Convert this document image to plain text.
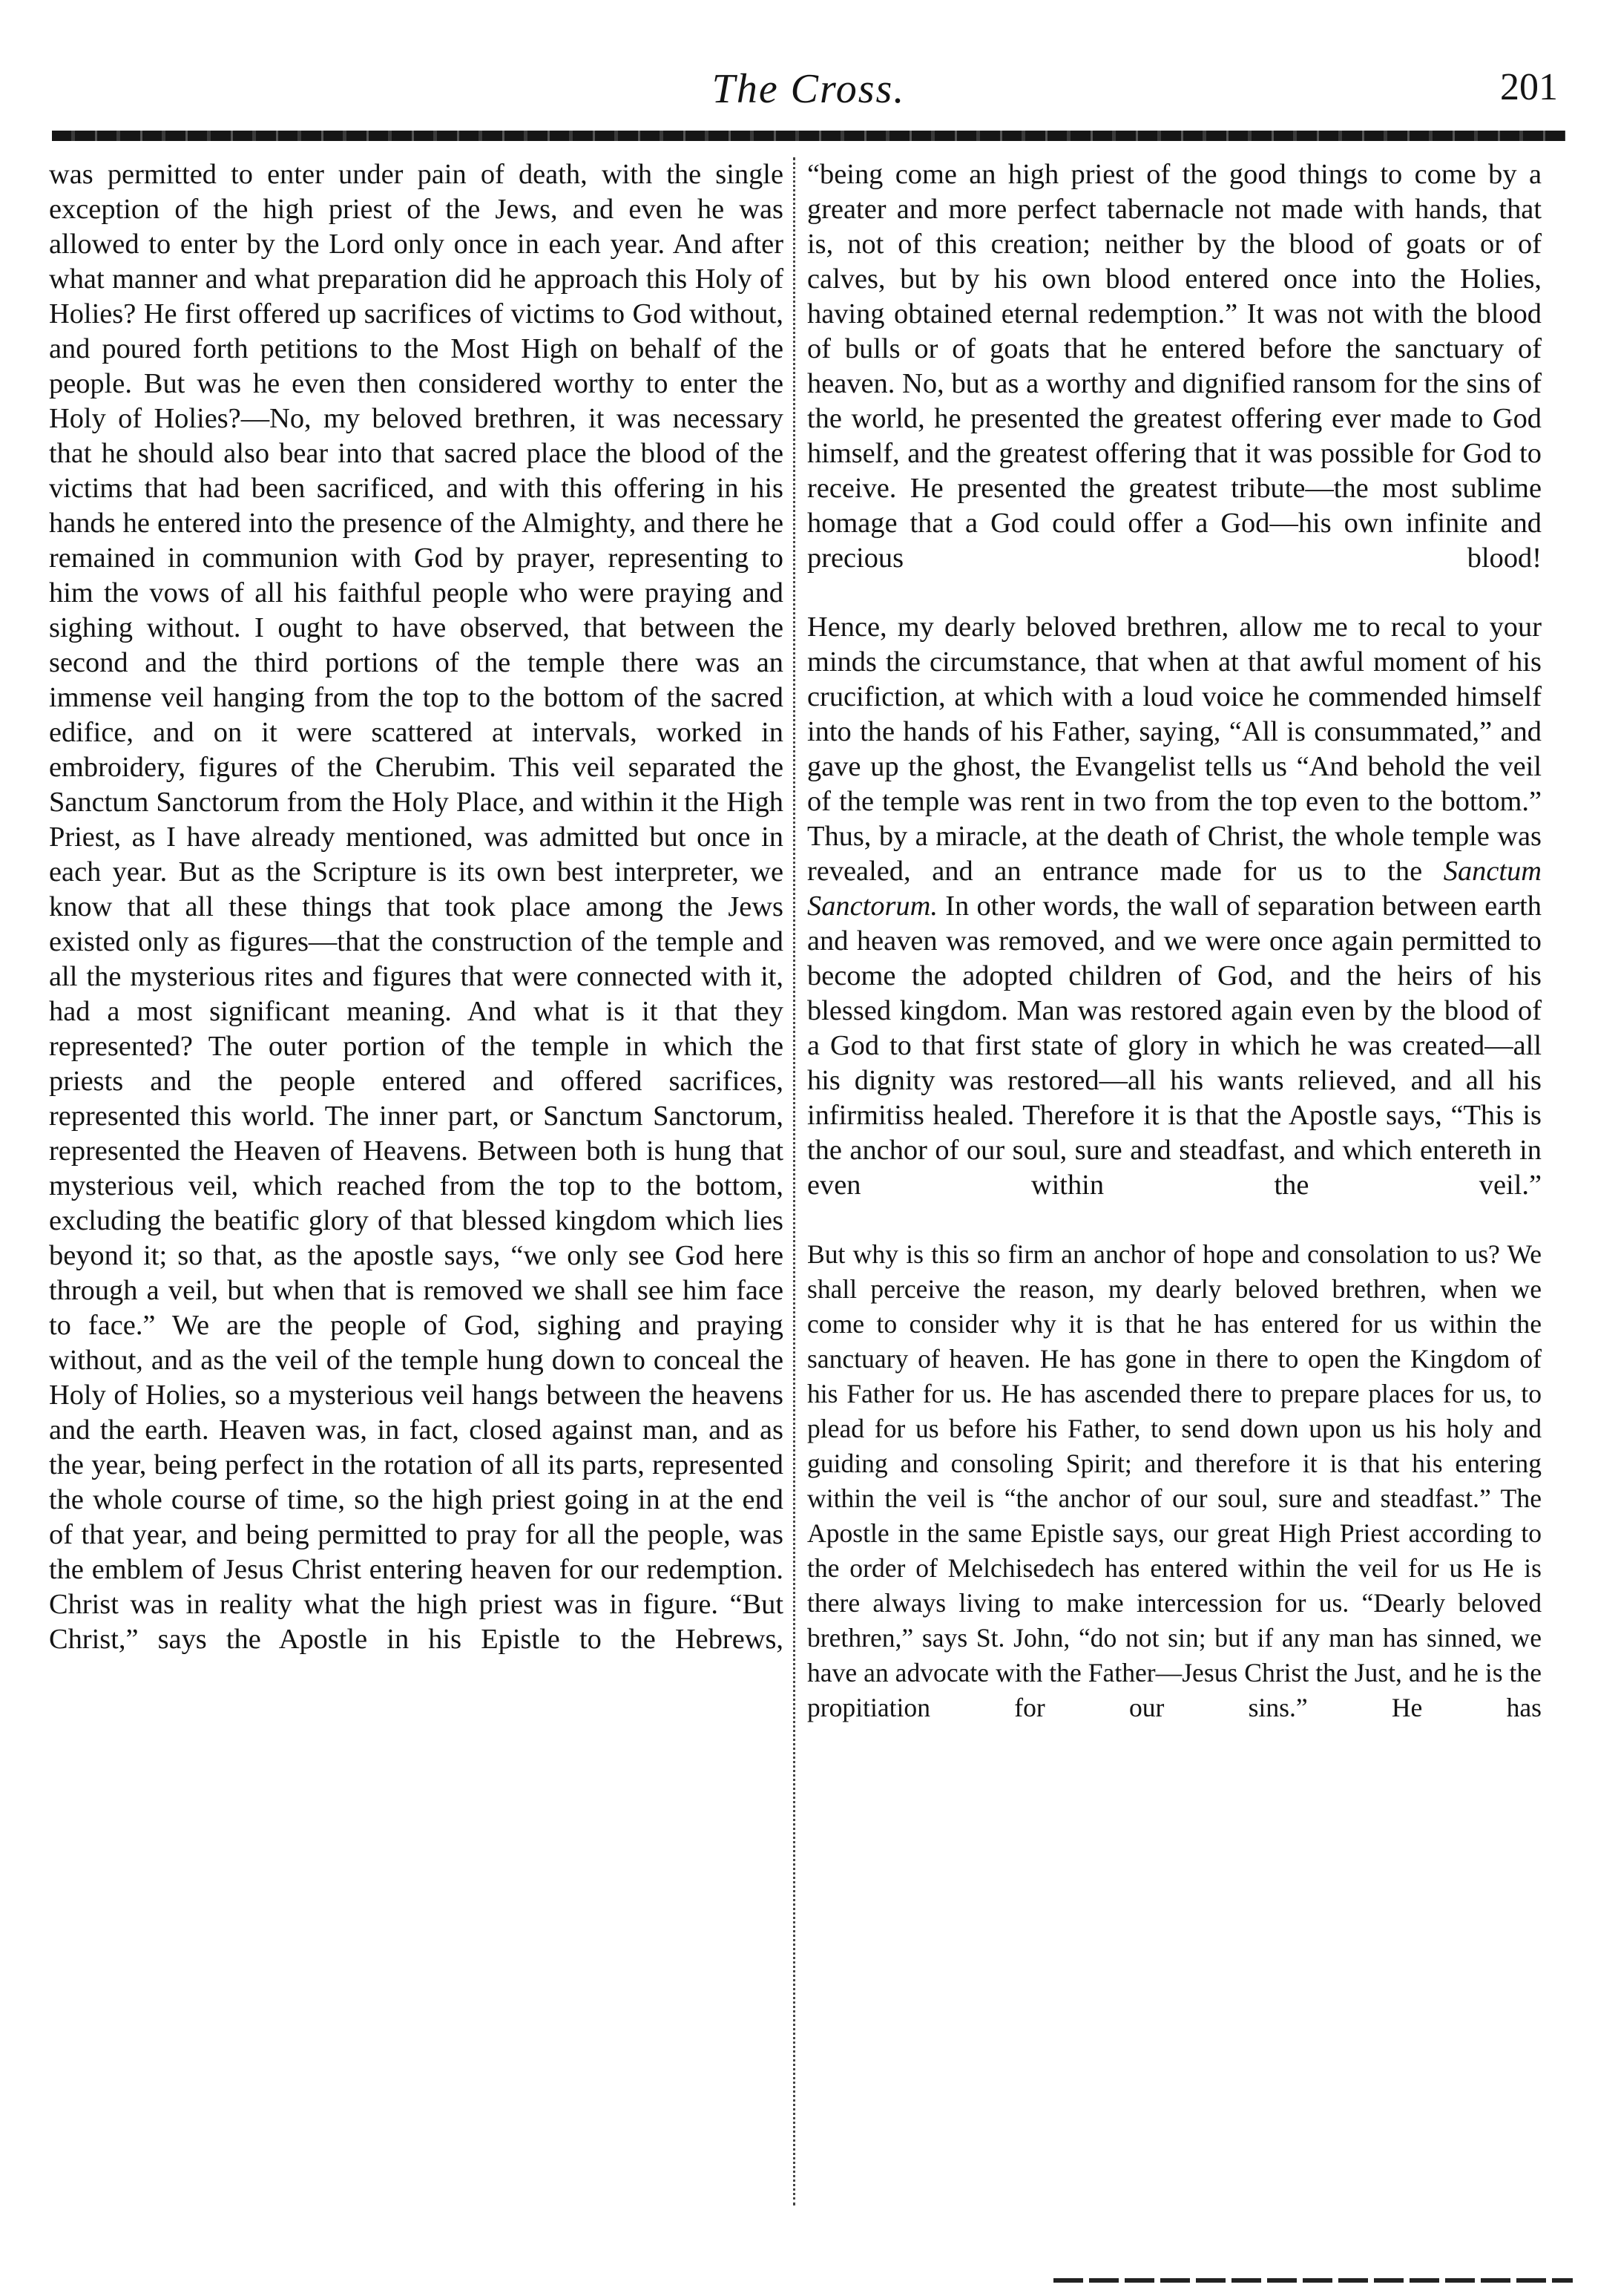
The Cross.	201

was permitted to enter under pain of death, with the single exception of the high priest of the Jews, and even he was allowed to enter by the Lord only once in each year. And after what manner and what preparation did he approach this Holy of Holies? He first offered up sacrifices of victims to God without, and poured forth petitions to the Most High on behalf of the people. But was he even then considered worthy to enter the Holy of Holies?—No, my beloved brethren, it was necessary that he should also bear into that sacred place the blood of the victims that had been sacrificed, and with this offering in his hands he entered into the presence of the Almighty, and there he remained in communion with God by prayer, representing to him the vows of all his faithful people who were praying and sighing without. I ought to have observed, that between the second and the third portions of the temple there was an immense veil hanging from the top to the bottom of the sacred edifice, and on it were scattered at intervals, worked in embroidery, figures of the Cherubim. This veil separated the Sanctum Sanctorum from the Holy Place, and within it the High Priest, as I have already mentioned, was admitted but once in each year. But as the Scripture is its own best interpreter, we know that all these things that took place among the Jews existed only as figures—that the construction of the temple and all the mysterious rites and figures that were connected with it, had a most significant meaning. And what is it that they represented? The outer portion of the temple in which the priests and the people entered and offered sacrifices, represented this world. The inner part, or Sanctum Sanctorum, represented the Heaven of Heavens. Between both is hung that mysterious veil, which reached from the top to the bottom, excluding the beatific glory of that blessed kingdom which lies beyond it; so that, as the apostle says, “we only see God here through a veil, but when that is removed we shall see him face to face.” We are the people of God, sighing and praying without, and as the veil of the temple hung down to conceal the Holy of Holies, so a mysterious veil hangs between the heavens and the earth. Heaven was, in fact, closed against man, and as the year, being perfect in the rotation of all its parts, represented the whole course of time, so the high priest going in at the end of that year, and being permitted to pray for all the people, was the emblem of Jesus Christ entering heaven for our redemption. Christ was in reality what the high priest was in figure. “But Christ,” says the Apostle in his Epistle to the Hebrews,

“being come an high priest of the good things to come by a greater and more perfect tabernacle not made with hands, that is, not of this creation; neither by the blood of goats or of calves, but by his own blood entered once into the Holies, having obtained eternal redemption.” It was not with the blood of bulls or of goats that he entered before the sanctuary of heaven. No, but as a worthy and dignified ransom for the sins of the world, he presented the greatest offering ever made to God himself, and the greatest offering that it was possible for God to receive. He presented the greatest tribute—the most sublime homage that a God could offer a God—his own infinite and precious blood!

Hence, my dearly beloved brethren, allow me to recal to your minds the circumstance, that when at that awful moment of his crucifiction, at which with a loud voice he commended himself into the hands of his Father, saying, “All is consummated,” and gave up the ghost, the Evangelist tells us “And behold the veil of the temple was rent in two from the top even to the bottom.” Thus, by a miracle, at the death of Christ, the whole temple was revealed, and an entrance made for us to the Sanctum Sanctorum. In other words, the wall of separation between earth and heaven was removed, and we were once again permitted to become the adopted children of God, and the heirs of his blessed kingdom. Man was restored again even by the blood of a God to that first state of glory in which he was created—all his dignity was restored—all his wants relieved, and all his infirmitiss healed. Therefore it is that the Apostle says, “This is the anchor of our soul, sure and steadfast, and which entereth in even within the veil.”

But why is this so firm an anchor of hope and consolation to us? We shall perceive the reason, my dearly beloved brethren, when we come to consider why it is that he has entered for us within the sanctuary of heaven. He has gone in there to open the Kingdom of his Father for us. He has ascended there to prepare places for us, to plead for us before his Father, to send down upon us his holy and guiding and consoling Spirit; and therefore it is that his entering within the veil is “the anchor of our soul, sure and steadfast.” The Apostle in the same Epistle says, our great High Priest according to the order of Melchisedech has entered within the veil for us He is there always living to make intercession for us. “Dearly beloved brethren,” says St. John, “do not sin; but if any man has sinned, we have an advocate with the Father—Jesus Christ the Just, and he is the propitiation for our sins.” He has
